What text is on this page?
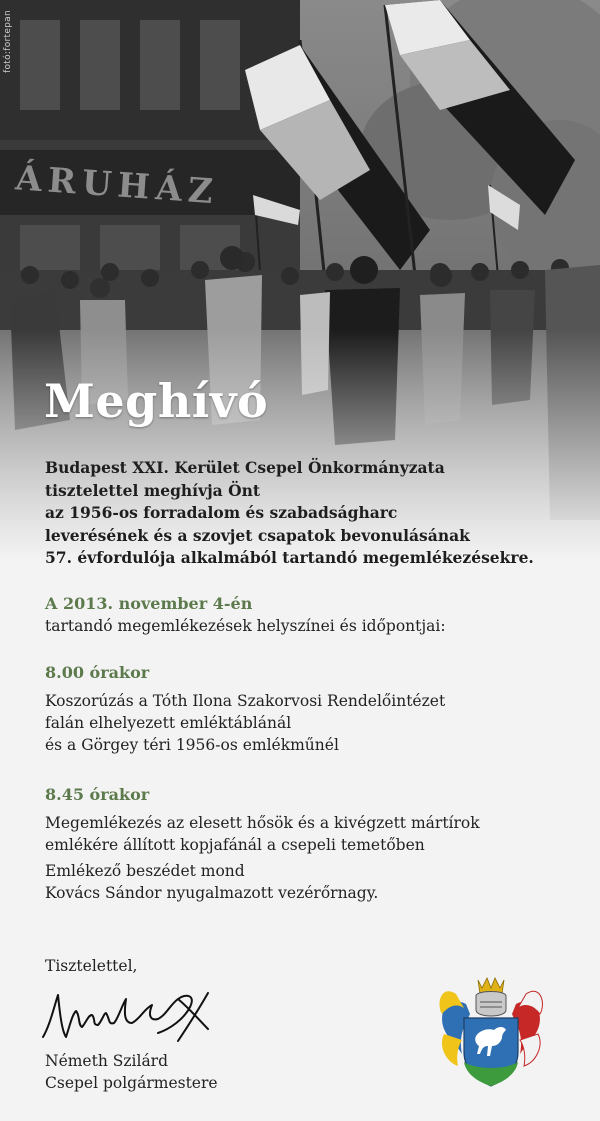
ÁRUHÁZ
fotó:fortepan
Meghívó

Budapest XXI. Kerület Csepel Önkormányzata
tisztelettel meghívja Önt
az 1956-os forradalom és szabadságharc
leverésének és a szovjet csapatok bevonulásának
57. évfordulója alkalmából tartandó megemlékezésekre.

A 2013. november 4-én
tartandó megemlékezések helyszínei és időpontjai:
8.00 órakor
Koszorúzás a Tóth Ilona Szakorvosi Rendelőintézet
falán elhelyezett emléktáblánál
és a Görgey téri 1956-os emlékműnél
8.45 órakor
Megemlékezés az elesett hősök és a kivégzett mártírok
emlékére állított kopjafánál a csepeli temetőben
Emlékező beszédet mond
Kovács Sándor nyugalmazott vezérőrnagy.
Tisztelettel,
Németh Szilárd
Csepel polgármestere
